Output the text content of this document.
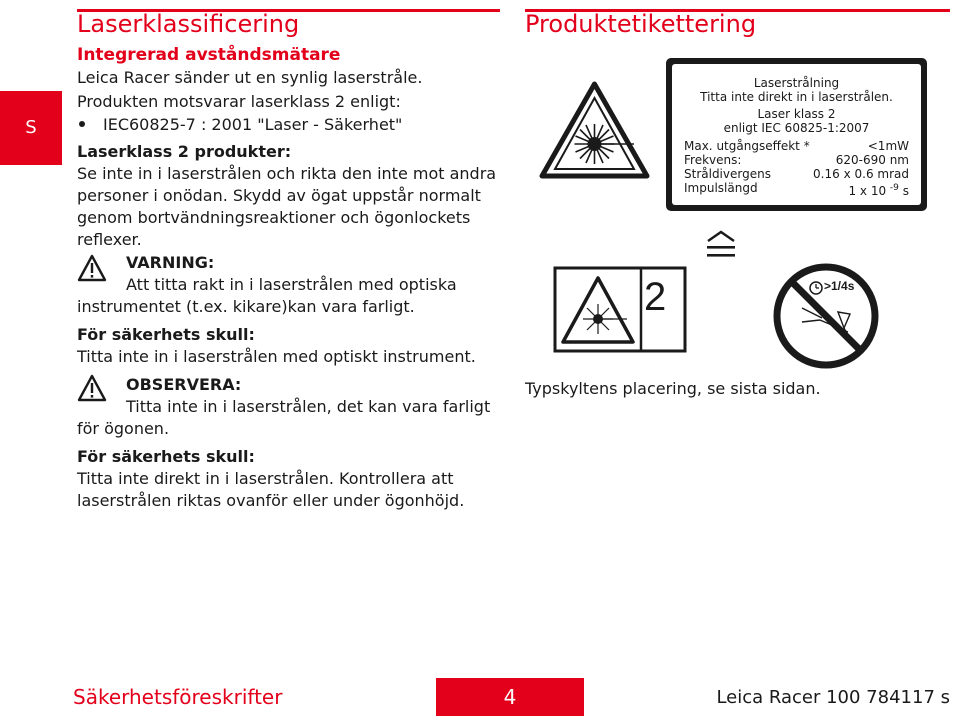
S
Laserklassificering
Integrerad avståndsmätare
Leica Racer sänder ut en synlig laserstråle.
Produkten motsvarar laserklass 2 enligt:
IEC60825-7 : 2001 "Laser - Säkerhet"
Laserklass 2 produkter:
Se inte in i laserstrålen och rikta den inte mot andra
personer i onödan. Skydd av ögat uppstår normalt
genom bortvändningsreaktioner och ögonlockets
reflexer.
VARNING:
Att titta rakt in i laserstrålen med optiska
instrumentet (t.ex. kikare)kan vara farligt.
För säkerhets skull:
Titta inte in i laserstrålen med optiskt instrument.
OBSERVERA:
Titta inte in i laserstrålen, det kan vara farligt
för ögonen.
För säkerhets skull:
Titta inte direkt in i laserstrålen. Kontrollera att
laserstrålen riktas ovanför eller under ögonhöjd.
Produktetikettering
Laserstrålning
Titta inte direkt in i laserstrålen.
Laser klass 2
enligt IEC 60825-1:2007
Max. utgångseffekt *	<1mW
Frekvens:	620-690 nm
Stråldivergens	0.16 x 0.6 mrad
Impulslängd	1 x 10 $^{-9}$ s
2	>1/4s
Typskyltens placering, se sista sidan.
Säkerhetsföreskrifter	4	Leica Racer 100 784117 s
